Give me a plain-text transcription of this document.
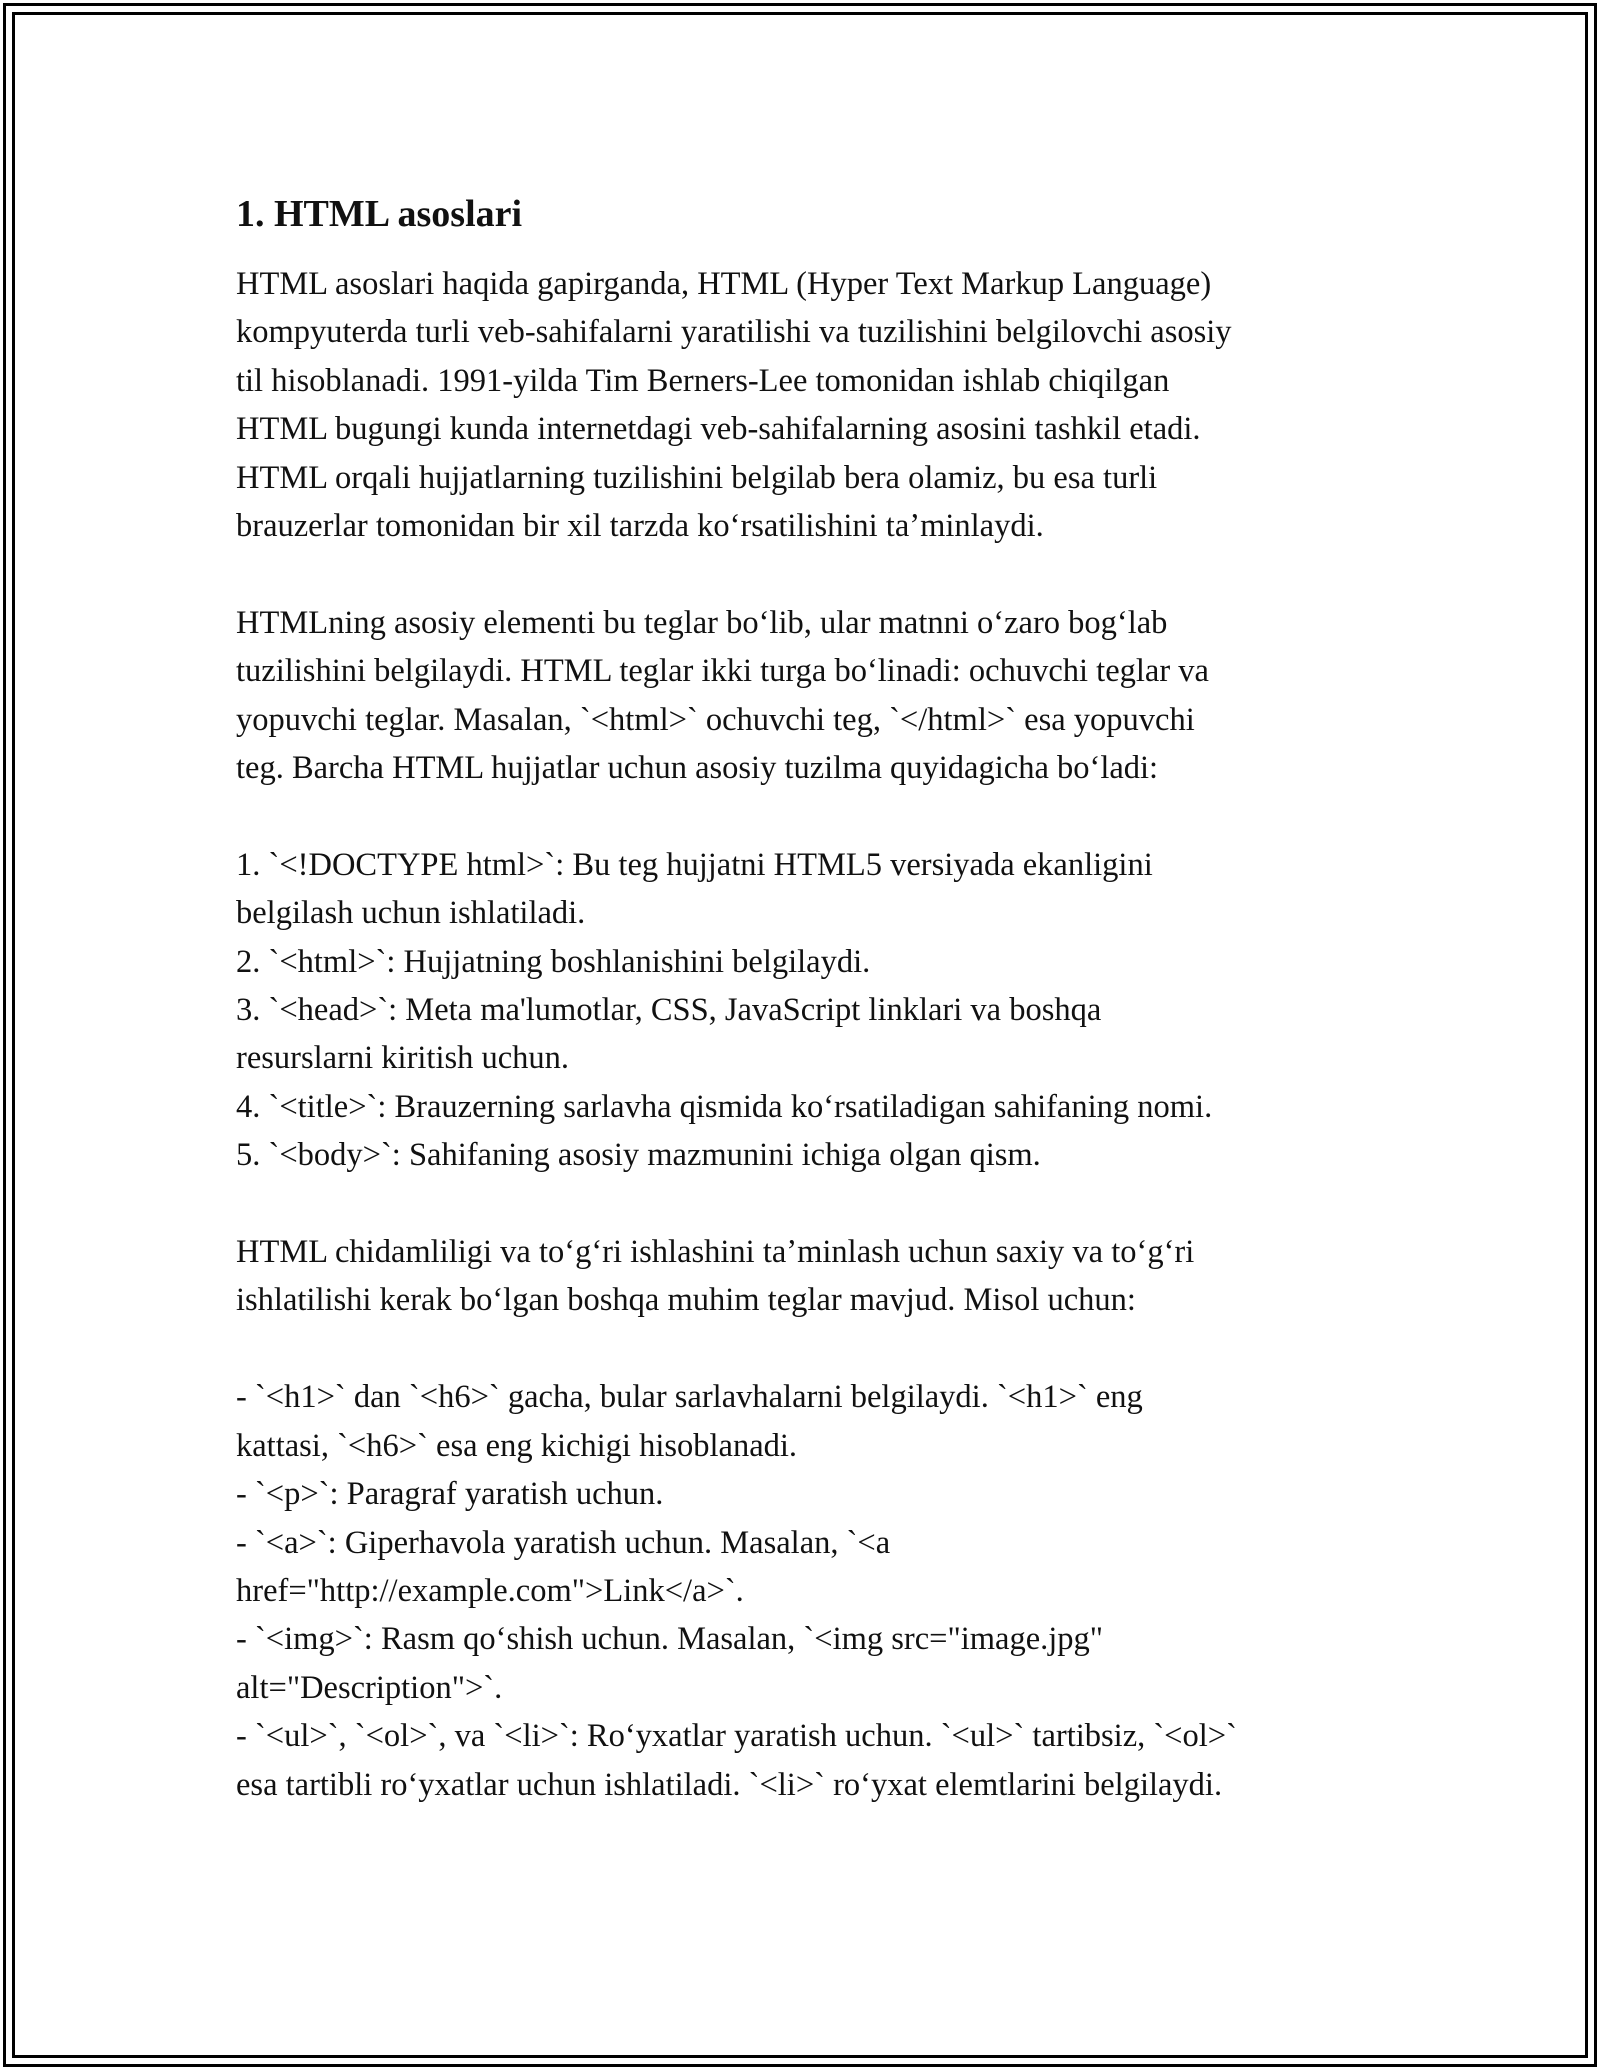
1. HTML asoslari
HTML asoslari haqida gapirganda, HTML (Hyper Text Markup Language)
kompyuterda turli veb-sahifalarni yaratilishi va tuzilishini belgilovchi asosiy
til hisoblanadi. 1991-yilda Tim Berners-Lee tomonidan ishlab chiqilgan
HTML bugungi kunda internetdagi veb-sahifalarning asosini tashkil etadi.
HTML orqali hujjatlarning tuzilishini belgilab bera olamiz, bu esa turli
brauzerlar tomonidan bir xil tarzda koʻrsatilishini taʼminlaydi.
HTMLning asosiy elementi bu teglar boʻlib, ular matnni oʻzaro bogʻlab
tuzilishini belgilaydi. HTML teglar ikki turga boʻlinadi: ochuvchi teglar va
yopuvchi teglar. Masalan, `<html>` ochuvchi teg, `</html>` esa yopuvchi
teg. Barcha HTML hujjatlar uchun asosiy tuzilma quyidagicha boʻladi:
1. `<!DOCTYPE html>`: Bu teg hujjatni HTML5 versiyada ekanligini
belgilash uchun ishlatiladi.
2. `<html>`: Hujjatning boshlanishini belgilaydi.
3. `<head>`: Meta ma'lumotlar, CSS, JavaScript linklari va boshqa
resurslarni kiritish uchun.
4. `<title>`: Brauzerning sarlavha qismida koʻrsatiladigan sahifaning nomi.
5. `<body>`: Sahifaning asosiy mazmunini ichiga olgan qism.
HTML chidamliligi va toʻgʻri ishlashini taʼminlash uchun saxiy va toʻgʻri
ishlatilishi kerak boʻlgan boshqa muhim teglar mavjud. Misol uchun:
- `<h1>` dan `<h6>` gacha, bular sarlavhalarni belgilaydi. `<h1>` eng
kattasi, `<h6>` esa eng kichigi hisoblanadi.
- `<p>`: Paragraf yaratish uchun.
- `<a>`: Giperhavola yaratish uchun. Masalan, `<a
href="http://example.com">Link</a>`.
- `<img>`: Rasm qoʻshish uchun. Masalan, `<img src="image.jpg"
alt="Description">`.
- `<ul>`, `<ol>`, va `<li>`: Roʻyxatlar yaratish uchun. `<ul>` tartibsiz, `<ol>`
esa tartibli roʻyxatlar uchun ishlatiladi. `<li>` roʻyxat elemtlarini belgilaydi.
